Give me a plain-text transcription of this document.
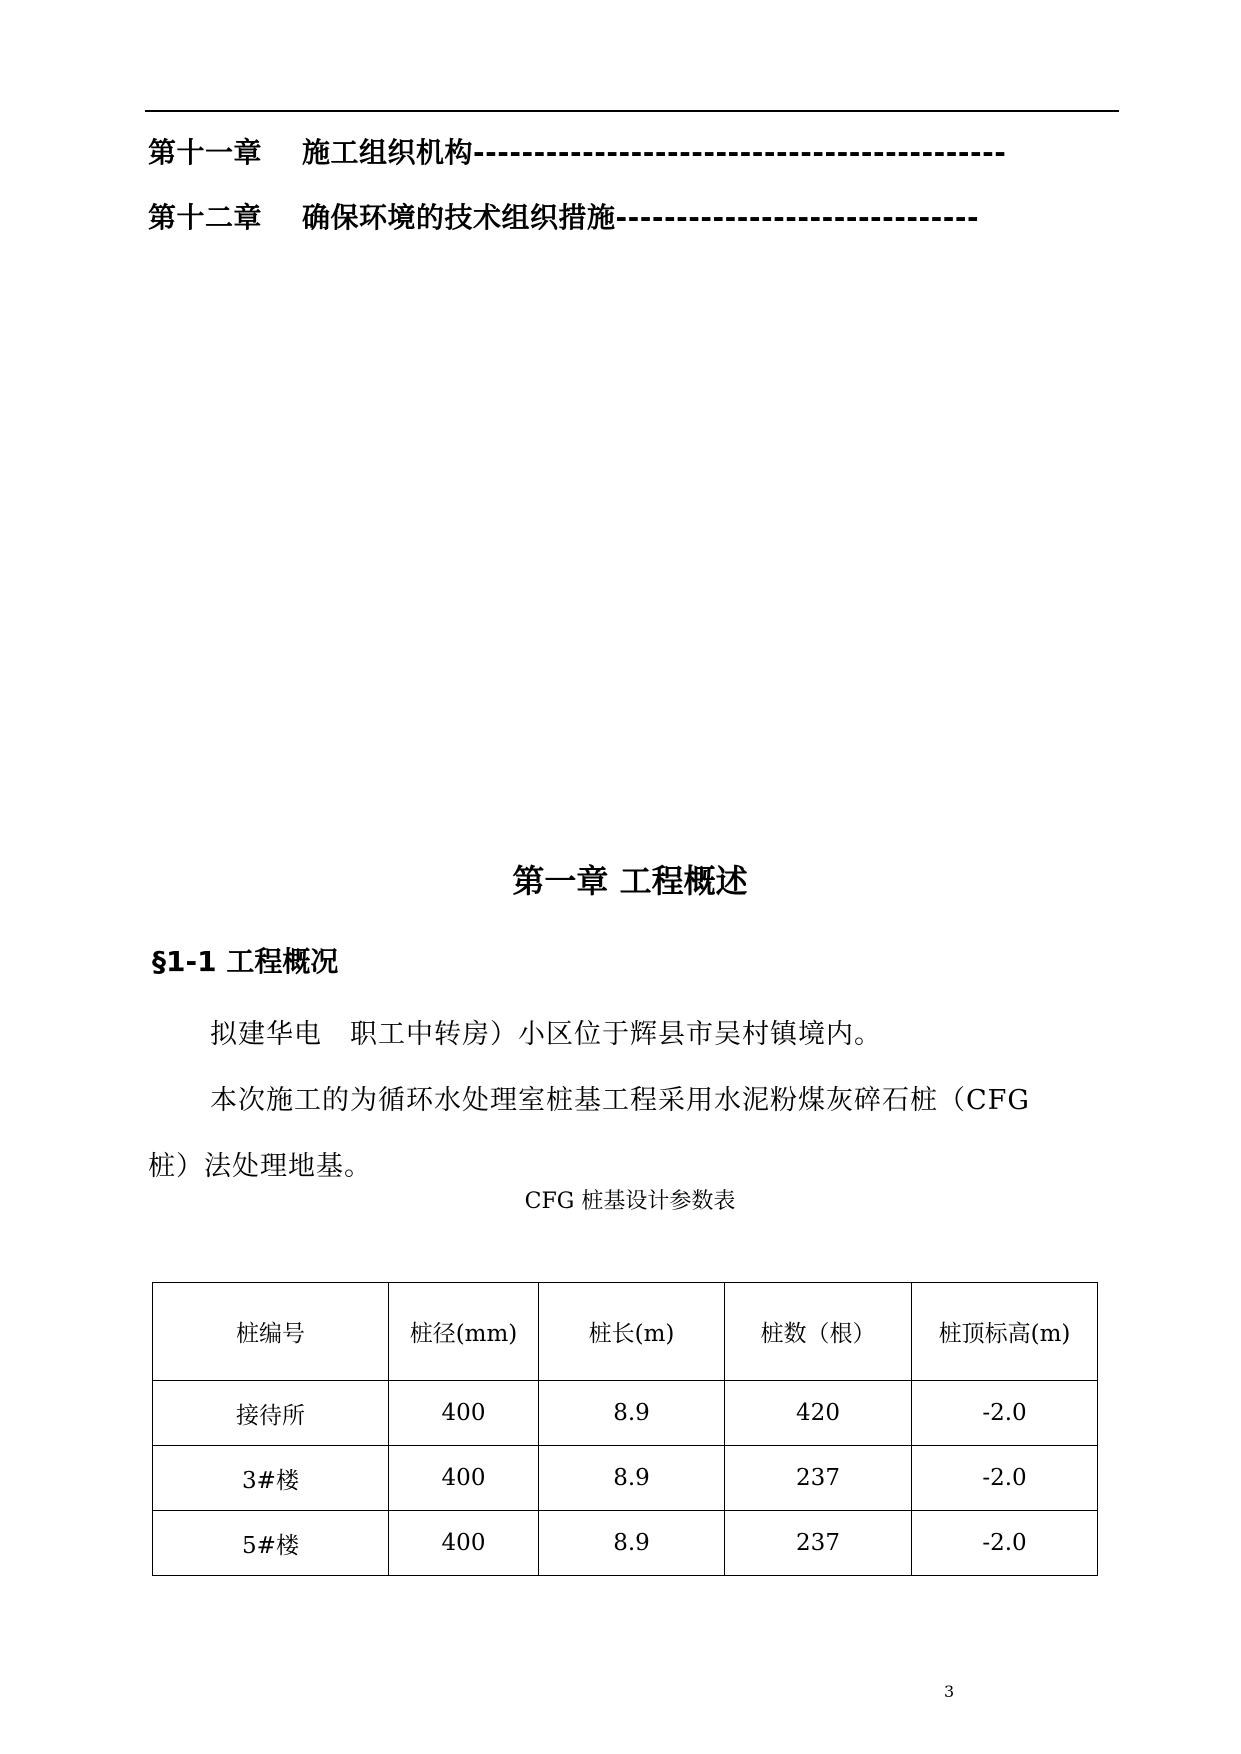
第十一章 施工组织机构--------------------------------------------
第十二章 确保环境的技术组织措施------------------------------
第一章 工程概述
§1-1 工程概况
拟建华电　职工中转房）小区位于辉县市吴村镇境内。
本次施工的为循环水处理室桩基工程采用水泥粉煤灰碎石桩（CFG
桩）法处理地基。
CFG 桩基设计参数表
桩编号	桩径(mm)	桩长(m)	桩数（根）	桩顶标高(m)
接待所	400	8.9	420	-2.0
3#楼	400	8.9	237	-2.0
5#楼	400	8.9	237	-2.0
3
